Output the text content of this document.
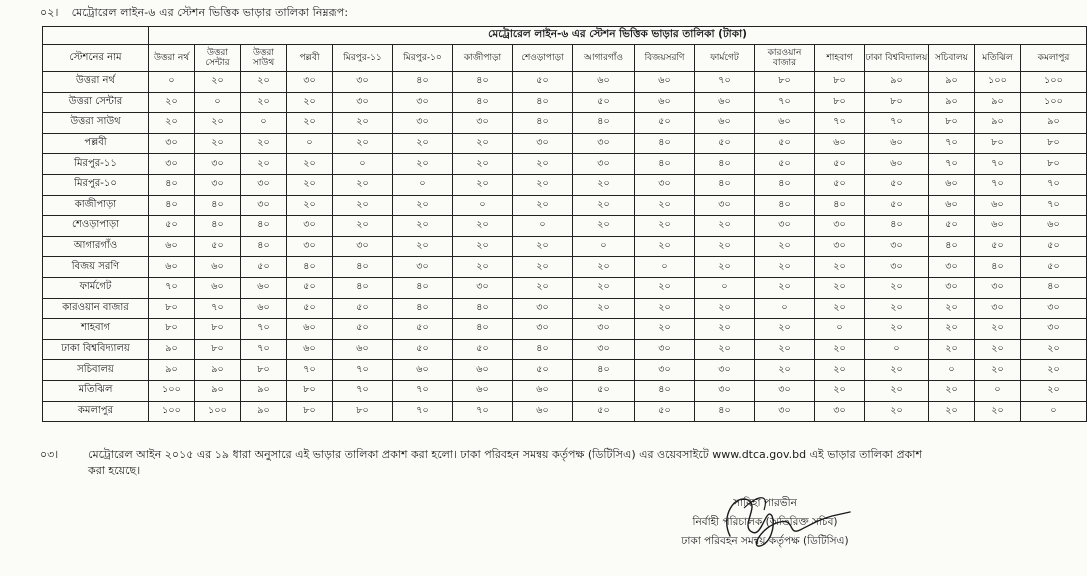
০২। মেট্রোরেল লাইন-৬ এর স্টেশন ভিত্তিক ভাড়ার তালিকা নিম্নরূপ:
	মেট্রোরেল লাইন-৬ এর স্টেশন ভিত্তিক ভাড়ার তালিকা (টাকা)																
স্টেশনের নাম	উত্তরা নর্থ	উত্তরা সেন্টার	উত্তরা সাউথ	পল্লবী	মিরপুর-১১	মিরপুর-১০	কাজীপাড়া	শেওড়াপাড়া	আগারগাঁও	বিজয়সরণি	ফার্মগেট	কারওয়ান বাজার	শাহবাগ	ঢাকা বিশ্ববিদ্যালয়	সচিবালয়	মতিঝিল	কমলাপুর
উত্তরা নর্থ	০	২০	২০	৩০	৩০	৪০	৪০	৫০	৬০	৬০	৭০	৮০	৮০	৯০	৯০	১০০	১০০
উত্তরা সেন্টার	২০	০	২০	২০	৩০	৩০	৪০	৪০	৫০	৬০	৬০	৭০	৮০	৮০	৯০	৯০	১০০
উত্তরা সাউথ	২০	২০	০	২০	২০	৩০	৩০	৪০	৪০	৫০	৬০	৬০	৭০	৭০	৮০	৯০	৯০
পল্লবী	৩০	২০	২০	০	২০	২০	২০	৩০	৩০	৪০	৫০	৫০	৬০	৬০	৭০	৮০	৮০
মিরপুর-১১	৩০	৩০	২০	২০	০	২০	২০	২০	৩০	৪০	৪০	৫০	৫০	৬০	৭০	৭০	৮০
মিরপুর-১০	৪০	৩০	৩০	২০	২০	০	২০	২০	২০	৩০	৪০	৪০	৫০	৫০	৬০	৭০	৭০
কাজীপাড়া	৪০	৪০	৩০	২০	২০	২০	০	২০	২০	২০	৩০	৪০	৪০	৫০	৬০	৬০	৭০
শেওড়াপাড়া	৫০	৪০	৪০	৩০	২০	২০	২০	০	২০	২০	২০	৩০	৩০	৪০	৫০	৬০	৬০
আগারগাঁও	৬০	৫০	৪০	৩০	৩০	২০	২০	২০	০	২০	২০	২০	৩০	৩০	৪০	৫০	৫০
বিজয় সরণি	৬০	৬০	৫০	৪০	৪০	৩০	২০	২০	২০	০	২০	২০	২০	৩০	৩০	৪০	৫০
ফার্মগেট	৭০	৬০	৬০	৫০	৪০	৪০	৩০	২০	২০	২০	০	২০	২০	২০	৩০	৩০	৪০
কারওয়ান বাজার	৮০	৭০	৬০	৫০	৫০	৪০	৪০	৩০	২০	২০	২০	০	২০	২০	২০	৩০	৩০
শাহবাগ	৮০	৮০	৭০	৬০	৫০	৫০	৪০	৩০	৩০	২০	২০	২০	০	২০	২০	২০	৩০
ঢাকা বিশ্ববিদ্যালয়	৯০	৮০	৭০	৬০	৬০	৫০	৫০	৪০	৩০	৩০	২০	২০	২০	০	২০	২০	২০
সচিবালয়	৯০	৯০	৮০	৭০	৭০	৬০	৬০	৫০	৪০	৩০	৩০	২০	২০	২০	০	২০	২০
মতিঝিল	১০০	৯০	৯০	৮০	৭০	৭০	৬০	৬০	৫০	৪০	৩০	৩০	২০	২০	২০	০	২০
কমলাপুর	১০০	১০০	৯০	৮০	৮০	৭০	৭০	৬০	৫০	৫০	৪০	৩০	৩০	২০	২০	২০	০
০৩।	মেট্রোরেল আইন ২০১৫ এর ১৯ ধারা অনুসারে এই ভাড়ার তালিকা প্রকাশ করা হলো। ঢাকা পরিবহন সমন্বয় কর্তৃপক্ষ (ডিটিসিএ) এর ওয়েবসাইটে www.dtca.gov.bd এই ভাড়ার তালিকা প্রকাশ
করা হয়েছে।
সাবিহা পারভীন
নির্বাহী পরিচালক (অতিরিক্ত সচিব)
ঢাকা পরিবহন সমন্বয় কর্তৃপক্ষ (ডিটিসিএ)
